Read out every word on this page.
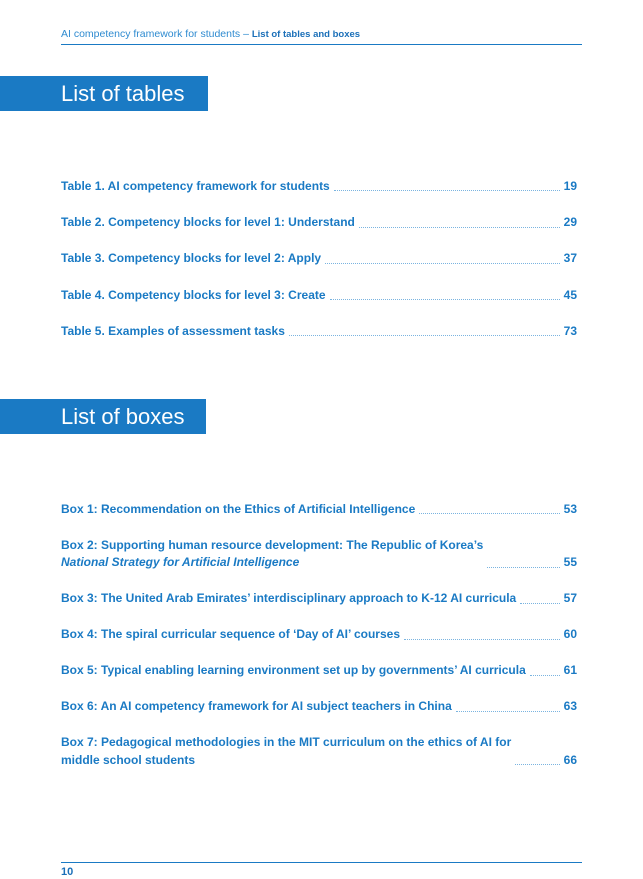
AI competency framework for students – List of tables and boxes
List of tables
Table 1. AI competency framework for students	19
Table 2. Competency blocks for level 1: Understand	29
Table 3. Competency blocks for level 2: Apply	37
Table 4. Competency blocks for level 3: Create	45
Table 5. Examples of assessment tasks	73
List of boxes
Box 1: Recommendation on the Ethics of Artificial Intelligence	53
Box 2: Supporting human resource development: The Republic of Korea’s
National Strategy for Artificial Intelligence	55
Box 3: The United Arab Emirates’ interdisciplinary approach to K-12 AI curricula	57
Box 4: The spiral curricular sequence of ‘Day of AI’ courses	60
Box 5: Typical enabling learning environment set up by governments’ AI curricula	61
Box 6: An AI competency framework for AI subject teachers in China	63
Box 7: Pedagogical methodologies in the MIT curriculum on the ethics of AI for
middle school students	66
10
